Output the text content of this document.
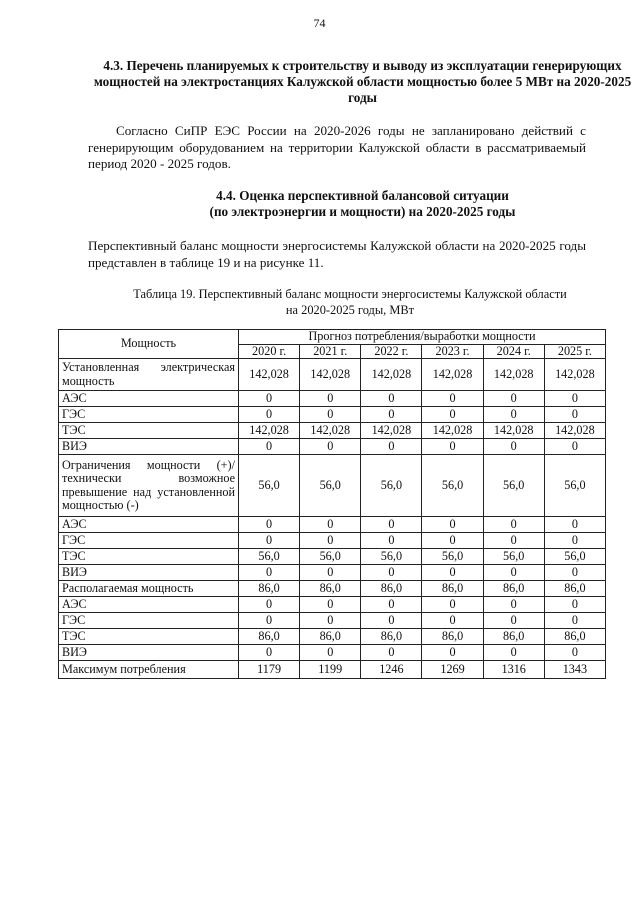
74
4.3. Перечень планируемых к строительству и выводу из эксплуатации генерирующих мощностей на электростанциях Калужской области мощностью более 5 МВт на 2020-2025 годы
Согласно СиПР ЕЭС России на 2020-2026 годы не запланировано действий с генерирующим оборудованием на территории Калужской области в рассматриваемый период 2020 - 2025 годов.
4.4. Оценка перспективной балансовой ситуации
(по электроэнергии и мощности) на 2020-2025 годы
Перспективный баланс мощности энергосистемы Калужской области на 2020-2025 годы представлен в таблице 19 и на рисунке 11.
Таблица 19. Перспективный баланс мощности энергосистемы Калужской области
на 2020-2025 годы, МВт
Мощность	Прогноз потребления/выработки мощности					
	2020 г.	2021 г.	2022 г.	2023 г.	2024 г.	2025 г.
Установленная электрическая мощность	142,028	142,028	142,028	142,028	142,028	142,028
АЭС	0	0	0	0	0	0
ГЭС	0	0	0	0	0	0
ТЭС	142,028	142,028	142,028	142,028	142,028	142,028
ВИЭ	0	0	0	0	0	0
Ограничения мощности (+)/технически возможное превышение над установленной мощностью (-)	56,0	56,0	56,0	56,0	56,0	56,0
АЭС	0	0	0	0	0	0
ГЭС	0	0	0	0	0	0
ТЭС	56,0	56,0	56,0	56,0	56,0	56,0
ВИЭ	0	0	0	0	0	0
Располагаемая мощность	86,0	86,0	86,0	86,0	86,0	86,0
АЭС	0	0	0	0	0	0
ГЭС	0	0	0	0	0	0
ТЭС	86,0	86,0	86,0	86,0	86,0	86,0
ВИЭ	0	0	0	0	0	0
Максимум потребления	1179	1199	1246	1269	1316	1343
